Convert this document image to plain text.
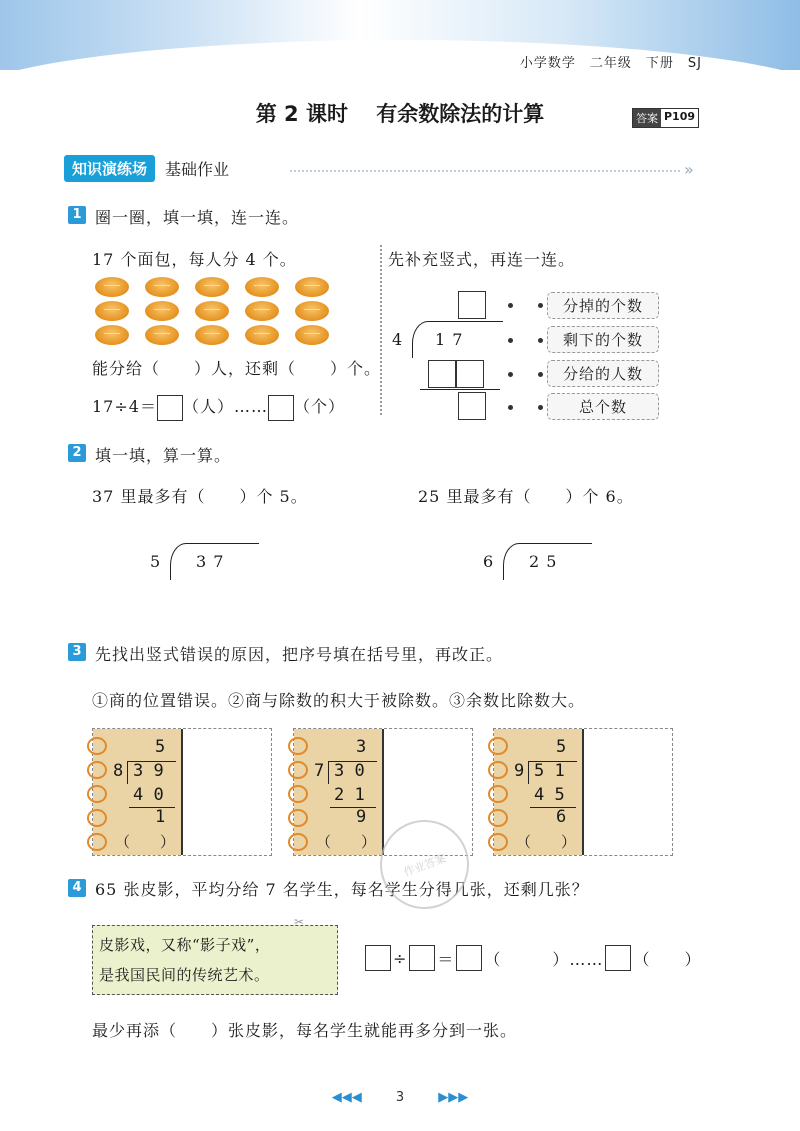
小学数学　二年级　下册　SJ
第 2 课时　 有余数除法的计算	答案 P109
知识演练场	基础作业	»
1 圈一圈，填一填，连一连。
17 个面包，每人分 4 个。
能分给（　　）人，还剩（　　）个。
17÷4＝ （人）…… （个）
先补充竖式，再连一连。
4 1 7
分掉的个数
剩下的个数
分给的人数
总个数
2 填一填，算一算。
37 里最多有（　　）个 5。	25 里最多有（　　）个 6。
5 3 7	6 2 5
3 先找出竖式错误的原因，把序号填在括号里，再改正。
①商的位置错误。②商与除数的积大于被除数。③余数比除数大。
5
8 3 9
4 0
1
（　　）
3
7 3 0
2 1
9
（　　）
5
9 5 1
4 5
6
（　　）
4 65 张皮影，平均分给 7 名学生，每名学生分得几张，还剩几张？
皮影戏，又称“影子戏”，
是我国民间的传统艺术。
✂
÷ ＝ （　　　）…… （　　）
最少再添（　　）张皮影，每名学生就能再多分到一张。
作业答案
◀◀◀	3	▶▶▶
